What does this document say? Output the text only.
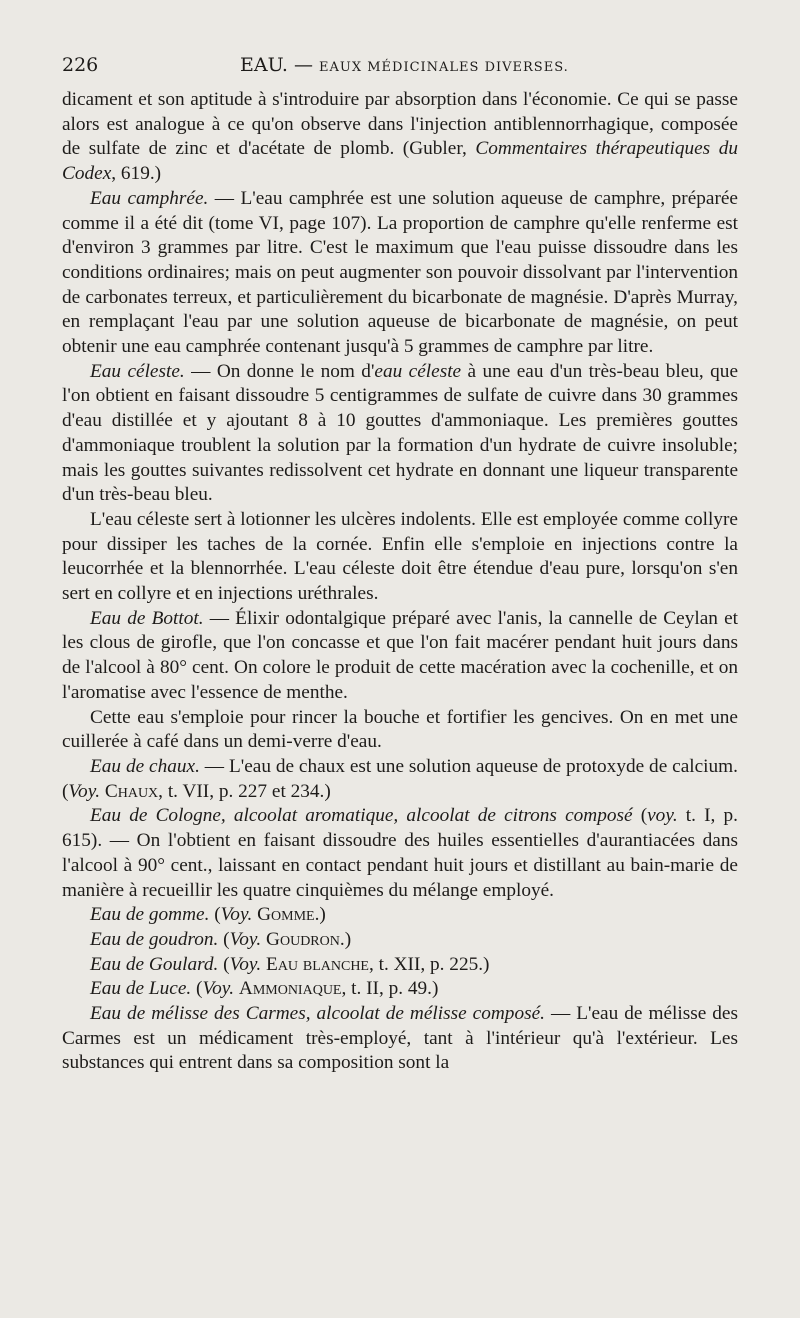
226	EAU. — EAUX MÉDICINALES DIVERSES.

dicament et son aptitude à s'introduire par absorption dans l'économie. Ce qui se passe alors est analogue à ce qu'on observe dans l'injection antiblennorrhagique, composée de sulfate de zinc et d'acétate de plomb. (Gubler, Commentaires thérapeutiques du Codex, 619.)

Eau camphrée. — L'eau camphrée est une solution aqueuse de camphre, préparée comme il a été dit (tome VI, page 107). La proportion de camphre qu'elle renferme est d'environ 3 grammes par litre. C'est le maximum que l'eau puisse dissoudre dans les conditions ordinaires; mais on peut augmenter son pouvoir dissolvant par l'intervention de carbonates terreux, et particulièrement du bicarbonate de magnésie. D'après Murray, en remplaçant l'eau par une solution aqueuse de bicarbonate de magnésie, on peut obtenir une eau camphrée contenant jusqu'à 5 grammes de camphre par litre.

Eau céleste. — On donne le nom d'eau céleste à une eau d'un très-beau bleu, que l'on obtient en faisant dissoudre 5 centigrammes de sulfate de cuivre dans 30 grammes d'eau distillée et y ajoutant 8 à 10 gouttes d'ammoniaque. Les premières gouttes d'ammoniaque troublent la solution par la formation d'un hydrate de cuivre insoluble; mais les gouttes suivantes redissolvent cet hydrate en donnant une liqueur transparente d'un très-beau bleu.

L'eau céleste sert à lotionner les ulcères indolents. Elle est employée comme collyre pour dissiper les taches de la cornée. Enfin elle s'emploie en injections contre la leucorrhée et la blennorrhée. L'eau céleste doit être étendue d'eau pure, lorsqu'on s'en sert en collyre et en injections uréthrales.

Eau de Bottot. — Élixir odontalgique préparé avec l'anis, la cannelle de Ceylan et les clous de girofle, que l'on concasse et que l'on fait macérer pendant huit jours dans de l'alcool à 80° cent. On colore le produit de cette macération avec la cochenille, et on l'aromatise avec l'essence de menthe.

Cette eau s'emploie pour rincer la bouche et fortifier les gencives. On en met une cuillerée à café dans un demi-verre d'eau.

Eau de chaux. — L'eau de chaux est une solution aqueuse de protoxyde de calcium. (Voy. Chaux, t. VII, p. 227 et 234.)

Eau de Cologne, alcoolat aromatique, alcoolat de citrons composé (voy. t. I, p. 615). — On l'obtient en faisant dissoudre des huiles essentielles d'aurantiacées dans l'alcool à 90° cent., laissant en contact pendant huit jours et distillant au bain-marie de manière à recueillir les quatre cinquièmes du mélange employé.

Eau de gomme. (Voy. Gomme.)

Eau de goudron. (Voy. Goudron.)

Eau de Goulard. (Voy. Eau blanche, t. XII, p. 225.)

Eau de Luce. (Voy. Ammoniaque, t. II, p. 49.)

Eau de mélisse des Carmes, alcoolat de mélisse composé. — L'eau de mélisse des Carmes est un médicament très-employé, tant à l'intérieur qu'à l'extérieur. Les substances qui entrent dans sa composition sont la
